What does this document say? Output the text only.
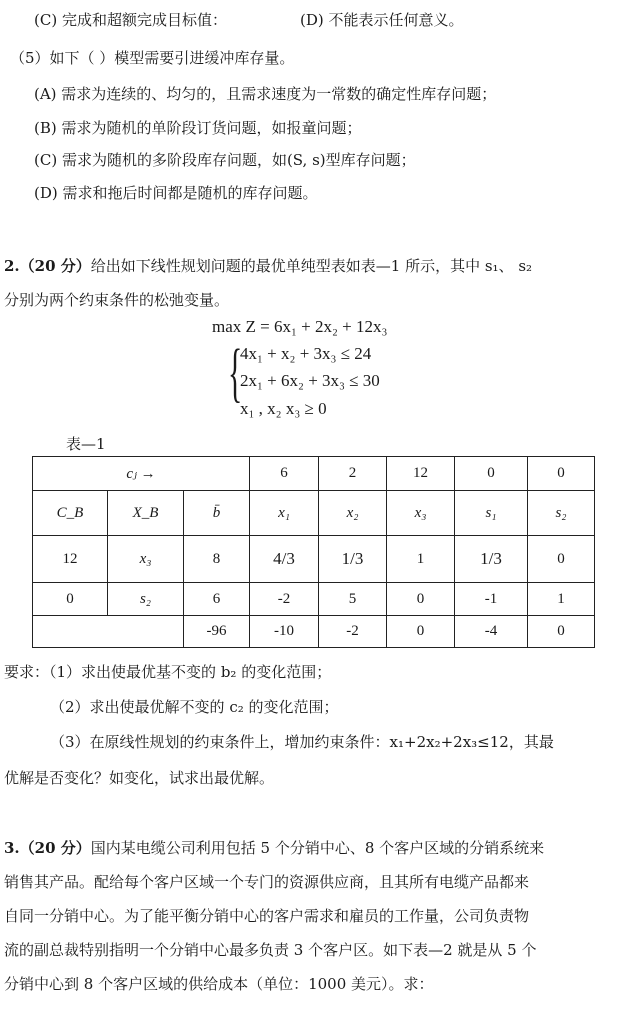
(C) 完成和超额完成目标值：	(D) 不能表示任何意义。
（5）如下（ ）模型需要引进缓冲库存量。
(A) 需求为连续的、均匀的，且需求速度为一常数的确定性库存问题；
(B) 需求为随机的单阶段订货问题，如报童问题；
(C) 需求为随机的多阶段库存问题，如(S, s)型库存问题；
(D) 需求和拖后时间都是随机的库存问题。
2.（20 分）给出如下线性规划问题的最优单纯型表如表—1 所示，其中 s₁、 s₂
分别为两个约束条件的松弛变量。
max Z = 6x₁ + 2x₂ + 12x₃
{
4x₁ + x₂ + 3x₃ ≤ 24
2x₁ + 6x₂ + 3x₃ ≤ 30
x₁ , x₂ x₃ ≥ 0
表—1
cⱼ →			6	2	12	0	0
C_B	X_B	b̄	x₁	x₂	x₃	s₁	s₂
12	x₃	8	4/3	1/3	1	1/3	0
0	s₂	6	-2	5	0	-1	1
		-96	-10	-2	0	-4	0
要求：（1）求出使最优基不变的 b₂ 的变化范围；
（2）求出使最优解不变的 c₂ 的变化范围；
（3）在原线性规划的约束条件上，增加约束条件：x₁+2x₂+2x₃≤12，其最
优解是否变化？如变化，试求出最优解。
3.（20 分）国内某电缆公司利用包括 5 个分销中心、8 个客户区域的分销系统来
销售其产品。配给每个客户区域一个专门的资源供应商，且其所有电缆产品都来
自同一分销中心。为了能平衡分销中心的客户需求和雇员的工作量，公司负责物
流的副总裁特别指明一个分销中心最多负责 3 个客户区。如下表—2 就是从 5 个
分销中心到 8 个客户区域的供给成本（单位：1000 美元）。求：
